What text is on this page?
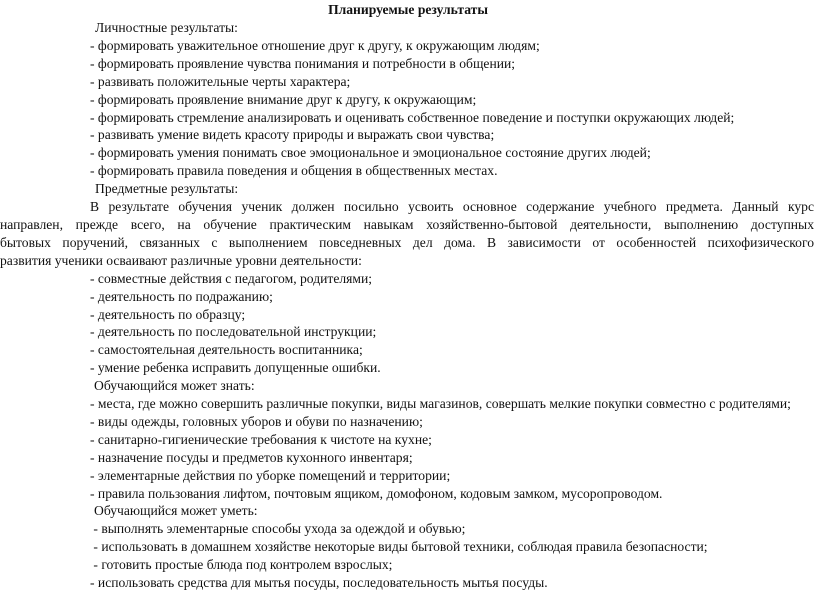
Планируемые результаты
Личностные результаты:
- формировать уважительное отношение друг к другу, к окружающим людям;
- формировать проявление чувства понимания и потребности в общении;
- развивать положительные черты характера;
- формировать проявление внимание друг к другу, к окружающим;
- формировать стремление анализировать и оценивать собственное поведение и поступки окружающих людей;
- развивать умение видеть красоту природы и выражать свои чувства;
- формировать умения понимать свое эмоциональное и эмоциональное состояние других людей;
- формировать правила поведения и общения в общественных местах.
Предметные результаты:
В результате обучения ученик должен посильно усвоить основное содержание учебного предмета. Данный курс
направлен, прежде всего, на обучение практическим навыкам хозяйственно-бытовой деятельности, выполнению доступных
бытовых поручений, связанных с выполнением повседневных дел дома. В зависимости от особенностей психофизического
развития ученики осваивают различные уровни деятельности:
- совместные действия с педагогом, родителями;
- деятельность по подражанию;
- деятельность по образцу;
- деятельность по последовательной инструкции;
- самостоятельная деятельность воспитанника;
- умение ребенка исправить допущенные ошибки.
Обучающийся может знать:
- места, где можно совершить различные покупки, виды магазинов, совершать мелкие покупки совместно с родителями;
- виды одежды, головных уборов и обуви по назначению;
- санитарно-гигиенические требования к чистоте на кухне;
- назначение посуды и предметов кухонного инвентаря;
- элементарные действия по уборке помещений и территории;
- правила пользования лифтом, почтовым ящиком, домофоном, кодовым замком, мусоропроводом.
Обучающийся может уметь:
- выполнять элементарные способы ухода за одеждой и обувью;
- использовать в домашнем хозяйстве некоторые виды бытовой техники, соблюдая правила безопасности;
- готовить простые блюда под контролем взрослых;
- использовать средства для мытья посуды, последовательность мытья посуды.
